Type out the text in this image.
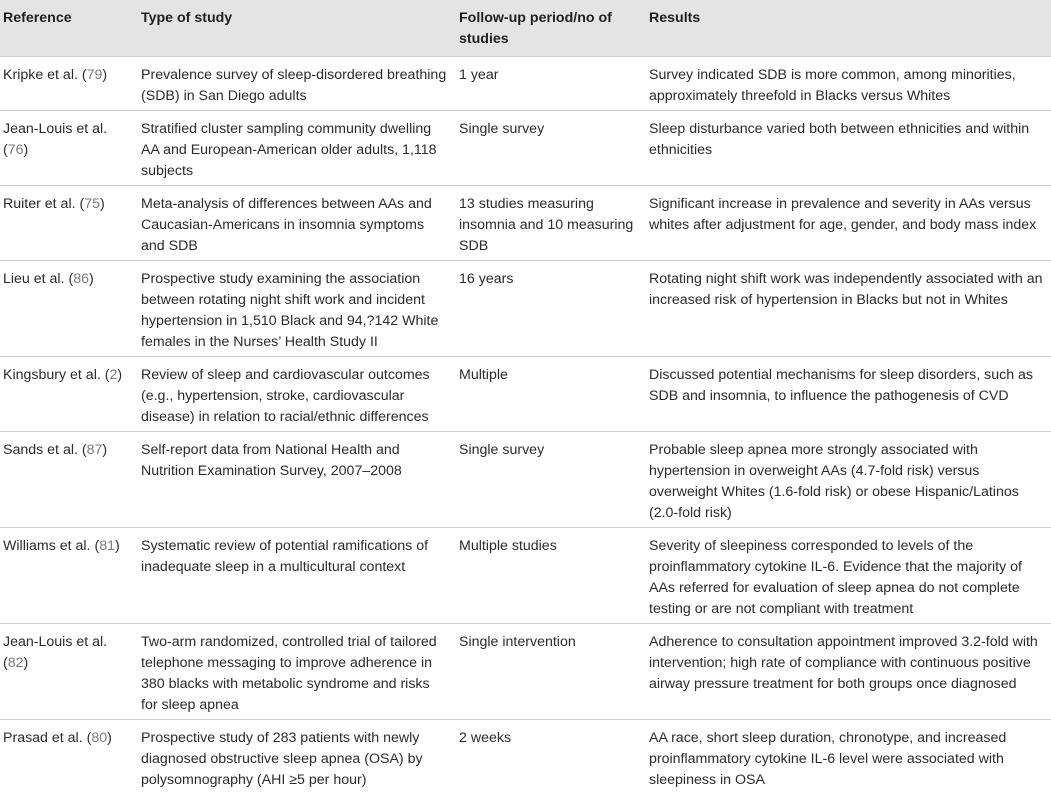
Reference	Type of study	Follow-up period/no of studies	Results
Kripke et al. (79)	Prevalence survey of sleep-disordered breathing (SDB) in San Diego adults	1 year	Survey indicated SDB is more common, among minorities, approximately threefold in Blacks versus Whites
Jean-Louis et al. (76)	Stratified cluster sampling community dwelling AA and European-American older adults, 1,118 subjects	Single survey	Sleep disturbance varied both between ethnicities and within ethnicities
Ruiter et al. (75)	Meta-analysis of differences between AAs and Caucasian-Americans in insomnia symptoms and SDB	13 studies measuring insomnia and 10 measuring SDB	Significant increase in prevalence and severity in AAs versus whites after adjustment for age, gender, and body mass index
Lieu et al. (86)	Prospective study examining the association between rotating night shift work and incident hypertension in 1,510 Black and 94,?142 White females in the Nurses’ Health Study II	16 years	Rotating night shift work was independently associated with an increased risk of hypertension in Blacks but not in Whites
Kingsbury et al. (2)	Review of sleep and cardiovascular outcomes (e.g., hypertension, stroke, cardiovascular disease) in relation to racial/ethnic differences	Multiple	Discussed potential mechanisms for sleep disorders, such as SDB and insomnia, to influence the pathogenesis of CVD
Sands et al. (87)	Self-report data from National Health and Nutrition Examination Survey, 2007–2008	Single survey	Probable sleep apnea more strongly associated with hypertension in overweight AAs (4.7-fold risk) versus overweight Whites (1.6-fold risk) or obese Hispanic/Latinos (2.0-fold risk)
Williams et al. (81)	Systematic review of potential ramifications of inadequate sleep in a multicultural context	Multiple studies	Severity of sleepiness corresponded to levels of the proinflammatory cytokine IL-6. Evidence that the majority of AAs referred for evaluation of sleep apnea do not complete testing or are not compliant with treatment
Jean-Louis et al. (82)	Two-arm randomized, controlled trial of tailored telephone messaging to improve adherence in 380 blacks with metabolic syndrome and risks for sleep apnea	Single intervention	Adherence to consultation appointment improved 3.2-fold with intervention; high rate of compliance with continuous positive airway pressure treatment for both groups once diagnosed
Prasad et al. (80)	Prospective study of 283 patients with newly diagnosed obstructive sleep apnea (OSA) by polysomnography (AHI ≥5 per hour)	2 weeks	AA race, short sleep duration, chronotype, and increased proinflammatory cytokine IL-6 level were associated with sleepiness in OSA
